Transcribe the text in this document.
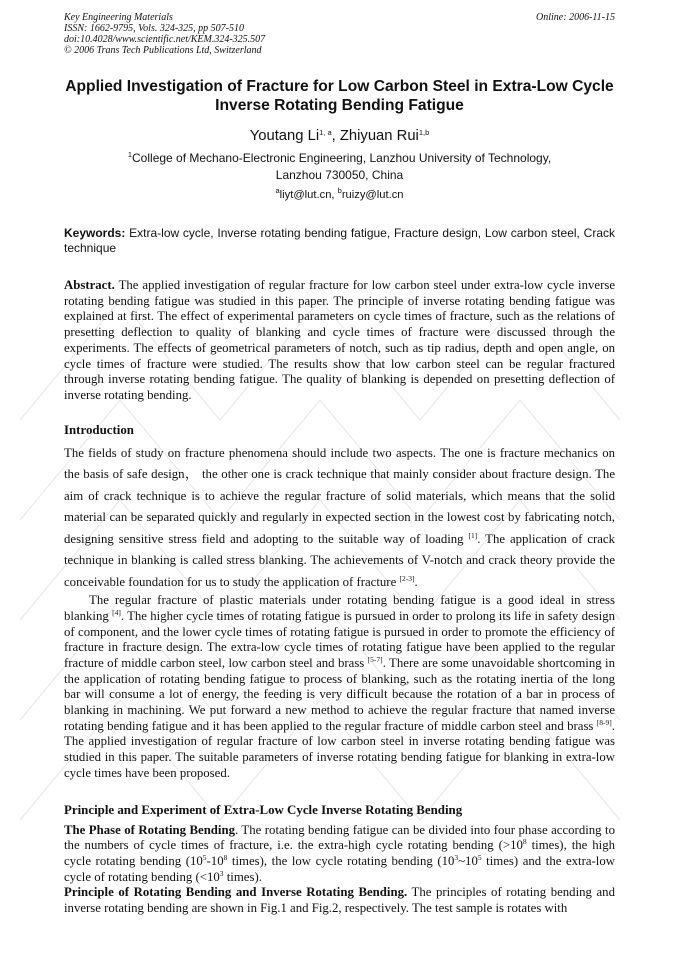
Key Engineering Materials
ISSN: 1662-9795, Vols. 324-325, pp 507-510
doi:10.4028/www.scientific.net/KEM.324-325.507
© 2006 Trans Tech Publications Ltd, Switzerland
Online: 2006-11-15
Applied Investigation of Fracture for Low Carbon Steel in Extra-Low Cycle Inverse Rotating Bending Fatigue
Youtang Li$^{1, a}$, Zhiyuan Rui$^{1,b}$
$^1$College of Mechano-Electronic Engineering, Lanzhou University of Technology,
Lanzhou 730050, China
$^a$liyt@lut.cn, $^b$ruizy@lut.cn
Keywords: Extra-low cycle, Inverse rotating bending fatigue, Fracture design, Low carbon steel, Crack technique

Abstract. The applied investigation of regular fracture for low carbon steel under extra-low cycle inverse rotating bending fatigue was studied in this paper. The principle of inverse rotating bending fatigue was explained at first. The effect of experimental parameters on cycle times of fracture, such as the relations of presetting deflection to quality of blanking and cycle times of fracture were discussed through the experiments. The effects of geometrical parameters of notch, such as tip radius, depth and open angle, on cycle times of fracture were studied. The results show that low carbon steel can be regular fractured through inverse rotating bending fatigue. The quality of blanking is depended on presetting deflection of inverse rotating bending.

Introduction

The fields of study on fracture phenomena should include two aspects. The one is fracture mechanics on the basis of safe design， the other one is crack technique that mainly consider about fracture design. The aim of crack technique is to achieve the regular fracture of solid materials, which means that the solid material can be separated quickly and regularly in expected section in the lowest cost by fabricating notch, designing sensitive stress field and adopting to the suitable way of loading [1]. The application of crack technique in blanking is called stress blanking. The achievements of V-notch and crack theory provide the conceivable foundation for us to study the application of fracture [2-3].

The regular fracture of plastic materials under rotating bending fatigue is a good ideal in stress blanking [4]. The higher cycle times of rotating fatigue is pursued in order to prolong its life in safety design of component, and the lower cycle times of rotating fatigue is pursued in order to promote the efficiency of fracture in fracture design. The extra-low cycle times of rotating fatigue have been applied to the regular fracture of middle carbon steel, low carbon steel and brass [5-7]. There are some unavoidable shortcoming in the application of rotating bending fatigue to process of blanking, such as the rotating inertia of the long bar will consume a lot of energy, the feeding is very difficult because the rotation of a bar in process of blanking in machining. We put forward a new method to achieve the regular fracture that named inverse rotating bending fatigue and it has been applied to the regular fracture of middle carbon steel and brass [8-9]. The applied investigation of regular fracture of low carbon steel in inverse rotating bending fatigue was studied in this paper. The suitable parameters of inverse rotating bending fatigue for blanking in extra-low cycle times have been proposed.

Principle and Experiment of Extra-Low Cycle Inverse Rotating Bending

The Phase of Rotating Bending. The rotating bending fatigue can be divided into four phase according to the numbers of cycle times of fracture, i.e. the extra-high cycle rotating bending ($>10^8$ times), the high cycle rotating bending ($10^5-10^8$ times), the low cycle rotating bending ($10^3\sim 10^5$ times) and the extra-low cycle of rotating bending ($<10^3$ times).

Principle of Rotating Bending and Inverse Rotating Bending. The principles of rotating bending and inverse rotating bending are shown in Fig.1 and Fig.2, respectively. The test sample is rotates with
